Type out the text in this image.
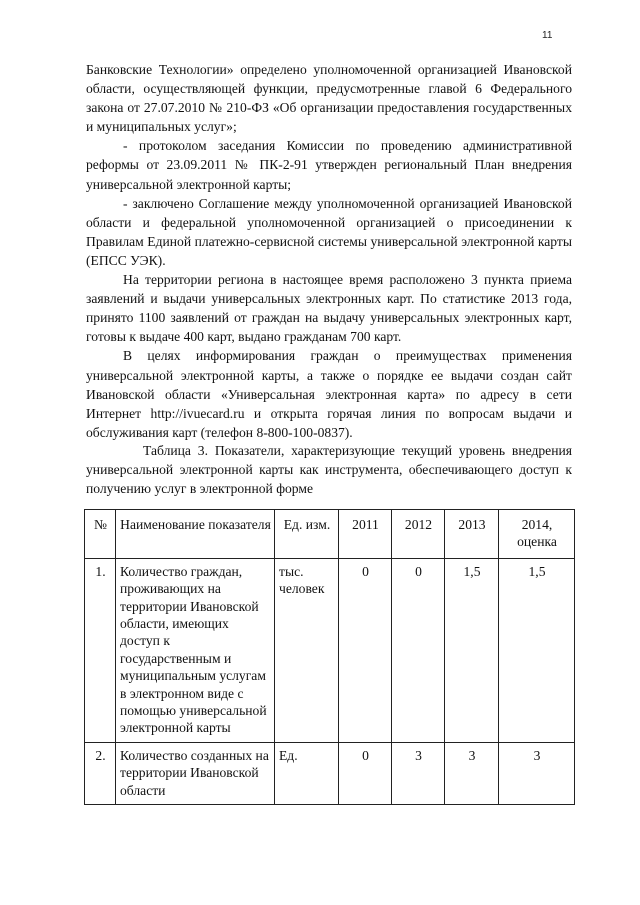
11

Банковские Технологии» определено уполномоченной организацией Ивановской области, осуществляющей функции, предусмотренные главой 6 Федерального закона от 27.07.2010 № 210-ФЗ «Об организации предоставления государственных и муниципальных услуг»;

- протоколом заседания Комиссии по проведению административной реформы от 23.09.2011 № ПК-2-91 утвержден региональный План внедрения универсальной электронной карты;

- заключено Соглашение между уполномоченной организацией Ивановской области и федеральной уполномоченной организацией о присоединении к Правилам Единой платежно-сервисной системы универсальной электронной карты (ЕПСС УЭК).

На территории региона в настоящее время расположено 3 пункта приема заявлений и выдачи универсальных электронных карт. По статистике 2013 года, принято 1100 заявлений от граждан на выдачу универсальных электронных карт, готовы к выдаче 400 карт, выдано гражданам 700 карт.

В целях информирования граждан о преимуществах применения универсальной электронной карты, а также о порядке ее выдачи создан сайт Ивановской области «Универсальная электронная карта» по адресу в сети Интернет http://ivuecard.ru и открыта горячая линия по вопросам выдачи и обслуживания карт (телефон 8-800-100-0837).

Таблица 3. Показатели, характеризующие текущий уровень внедрения универсальной электронной карты как инструмента, обеспечивающего доступ к получению услуг в электронной форме

№	Наименование показателя	Ед. изм.	2011	2012	2013	2014, оценка
1.	Количество граждан, проживающих на территории Ивановской области, имеющих доступ к государственным и муниципальным услугам в электронном виде с помощью универсальной электронной карты	тыс. человек	0	0	1,5	1,5
2.	Количество созданных на территории Ивановской области	Ед.	0	3	3	3
